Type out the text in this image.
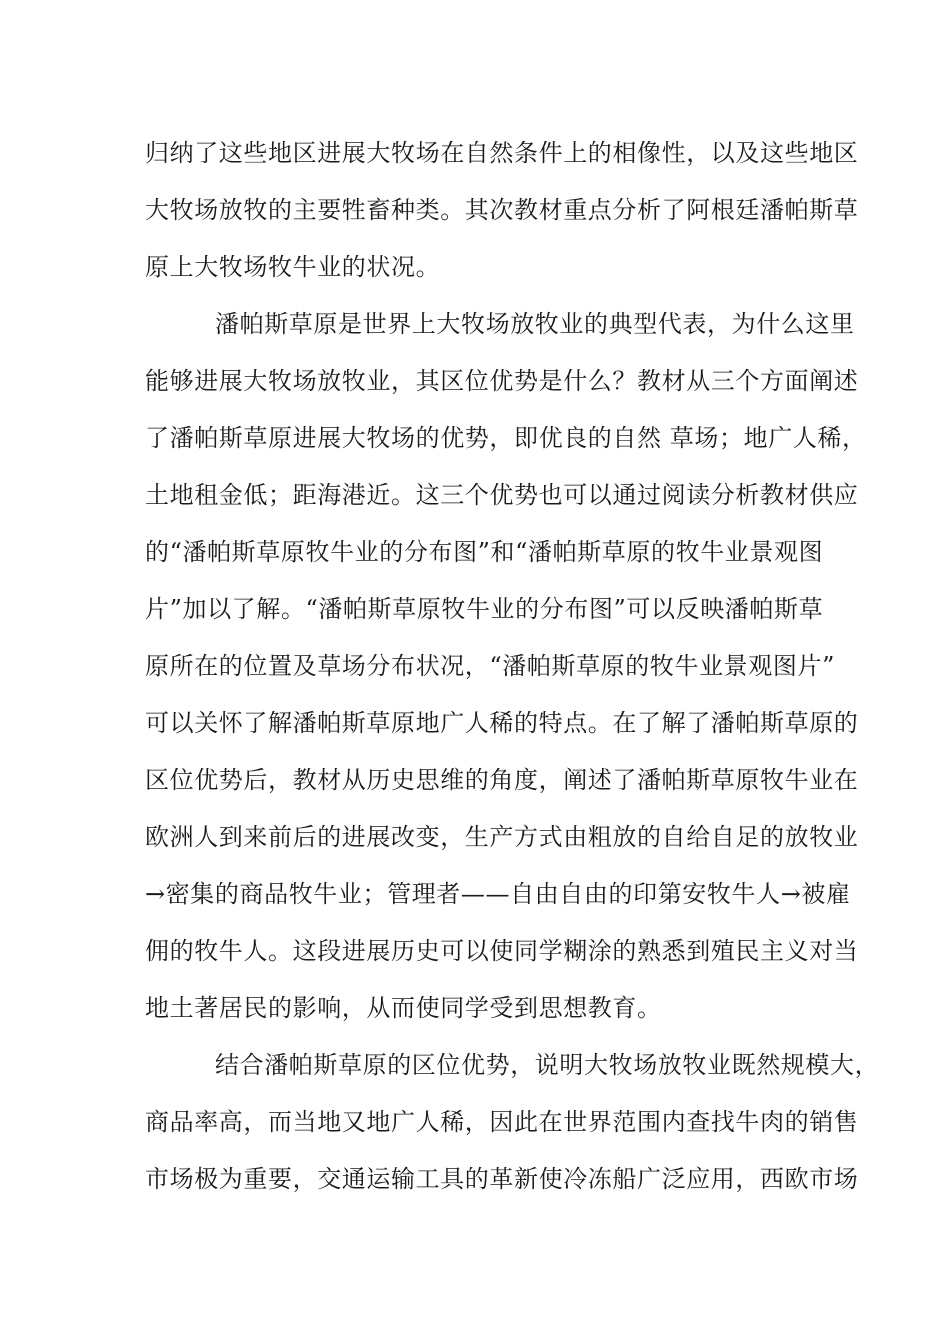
归纳了这些地区进展大牧场在自然条件上的相像性，以及这些地区
大牧场放牧的主要牲畜种类。其次教材重点分析了阿根廷潘帕斯草
原上大牧场牧牛业的状况。
潘帕斯草原是世界上大牧场放牧业的典型代表，为什么这里
能够进展大牧场放牧业，其区位优势是什么？教材从三个方面阐述
了潘帕斯草原进展大牧场的优势，即优良的自然 草场；地广人稀，
土地租金低；距海港近。这三个优势也可以通过阅读分析教材供应
的“潘帕斯草原牧牛业的分布图”和“潘帕斯草原的牧牛业景观图
片”加以了解。“潘帕斯草原牧牛业的分布图”可以反映潘帕斯草
原所在的位置及草场分布状况，“潘帕斯草原的牧牛业景观图片”
可以关怀了解潘帕斯草原地广人稀的特点。在了解了潘帕斯草原的
区位优势后，教材从历史思维的角度，阐述了潘帕斯草原牧牛业在
欧洲人到来前后的进展改变，生产方式由粗放的自给自足的放牧业
→密集的商品牧牛业；管理者——自由自由的印第安牧牛人→被雇
佣的牧牛人。这段进展历史可以使同学糊涂的熟悉到殖民主义对当
地土著居民的影响，从而使同学受到思想教育。
结合潘帕斯草原的区位优势，说明大牧场放牧业既然规模大，
商品率高，而当地又地广人稀，因此在世界范围内查找牛肉的销售
市场极为重要，交通运输工具的革新使冷冻船广泛应用，西欧市场
